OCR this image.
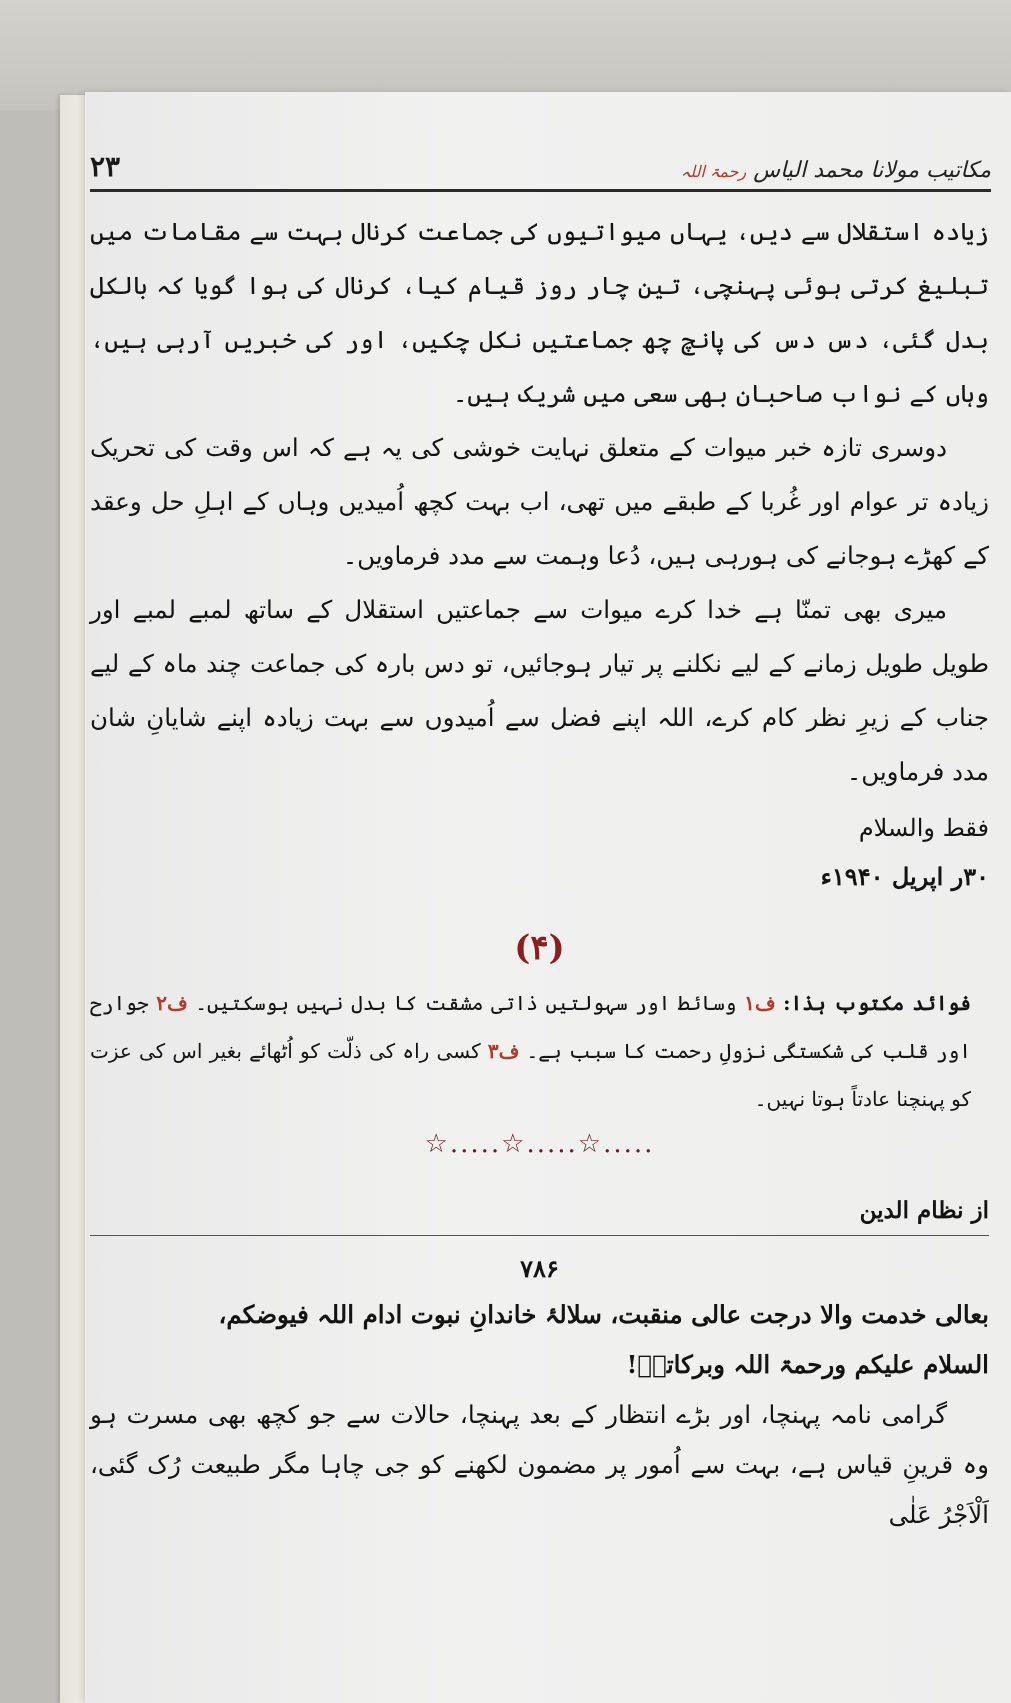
مکاتیب مولانا محمد الیاس رحمۃ اللہ
۲۳

زیادہ استقلال سے دیں، یہاں میواتیوں کی جماعت کرنال بہت سے مقامات میں تبلیغ کرتی ہوئی پہنچی، تین چار روز قیام کیا، کرنال کی ہوا گویا کہ بالکل بدل گئی، دس دس کی پانچ چھ جماعتیں نکل چکیں، اور کی خبریں آرہی ہیں، وہاں کے نواب صاحبان بھی سعی میں شریک ہیں۔

دوسری تازہ خبر میوات کے متعلق نہایت خوشی کی یہ ہے کہ اس وقت کی تحریک زیادہ تر عوام اور غُربا کے طبقے میں تھی، اب بہت کچھ اُمیدیں وہاں کے اہلِ حل وعقد کے کھڑے ہوجانے کی ہورہی ہیں، دُعا وہمت سے مدد فرماویں۔

میری بھی تمنّا ہے خدا کرے میوات سے جماعتیں استقلال کے ساتھ لمبے لمبے اور طویل طویل زمانے کے لیے نکلنے پر تیار ہوجائیں، تو دس بارہ کی جماعت چند ماہ کے لیے جناب کے زیرِ نظر کام کرے، اللہ اپنے فضل سے اُمیدوں سے بہت زیادہ اپنے شایانِ شان مدد فرماویں۔

فقط والسلام
۳۰ر اپریل ۱۹۴۰ء
(۴)

فوائد مکتوب ہذا: ف۱ وسائط اور سہولتیں ذاتی مشقت کا بدل نہیں ہوسکتیں۔ ف۲ جوارح اور قلب کی شکستگی نزولِ رحمت کا سبب ہے۔ ف۳ کسی راہ کی ذلّت کو اُٹھائے بغیر اس کی عزت کو پہنچنا عادتاً ہوتا نہیں۔

☆.....☆.....☆.....
از نظام الدین
۷۸۶

بعالی خدمت والا درجت عالی منقبت، سلالۂ خاندانِ نبوت ادام اللہ فیوضکم،

السلام علیکم ورحمۃ اللہ وبرکاتہٗ!

گرامی نامہ پہنچا، اور بڑے انتظار کے بعد پہنچا، حالات سے جو کچھ بھی مسرت ہو وہ قرینِ قیاس ہے، بہت سے اُمور پر مضمون لکھنے کو جی چاہا مگر طبیعت رُک گئی، اَلْاَجْرُ عَلٰی
